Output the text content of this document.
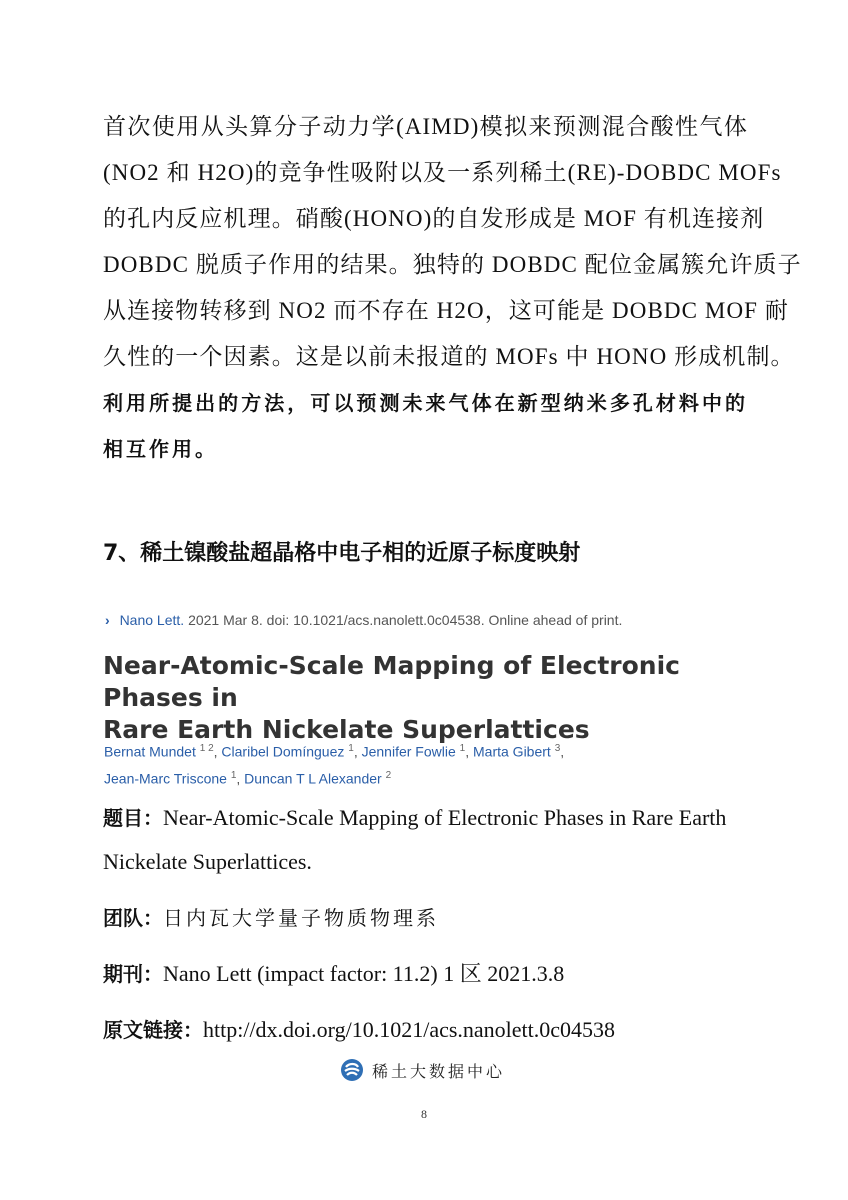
首次使用从头算分子动力学(AIMD)模拟来预测混合酸性气体
(NO2 和 H2O)的竞争性吸附以及一系列稀土(RE)-DOBDC MOFs
的孔内反应机理。硝酸(HONO)的自发形成是 MOF 有机连接剂
DOBDC 脱质子作用的结果。独特的 DOBDC 配位金属簇允许质子
从连接物转移到 NO2 而不存在 H2O，这可能是 DOBDC MOF 耐
久性的一个因素。这是以前未报道的 MOFs 中 HONO 形成机制。
利用所提出的方法，可以预测未来气体在新型纳米多孔材料中的
相互作用。
7、稀土镍酸盐超晶格中电子相的近原子标度映射
› Nano Lett. 2021 Mar 8. doi: 10.1021/acs.nanolett.0c04538. Online ahead of print.
Near-Atomic-Scale Mapping of Electronic Phases in
Rare Earth Nickelate Superlattices
Bernat Mundet $^{1 2}$, Claribel Domínguez $^1$, Jennifer Fowlie $^1$, Marta Gibert $^3$,
Jean-Marc Triscone $^1$, Duncan T L Alexander $^2$
题目：Near-Atomic-Scale Mapping of Electronic Phases in Rare Earth
Nickelate Superlattices.
团队：日内瓦大学量子物质物理系
期刊：Nano Lett (impact factor: 11.2) 1 区 2021.3.8
原文链接：http://dx.doi.org/10.1021/acs.nanolett.0c04538
稀土大数据中心
8
